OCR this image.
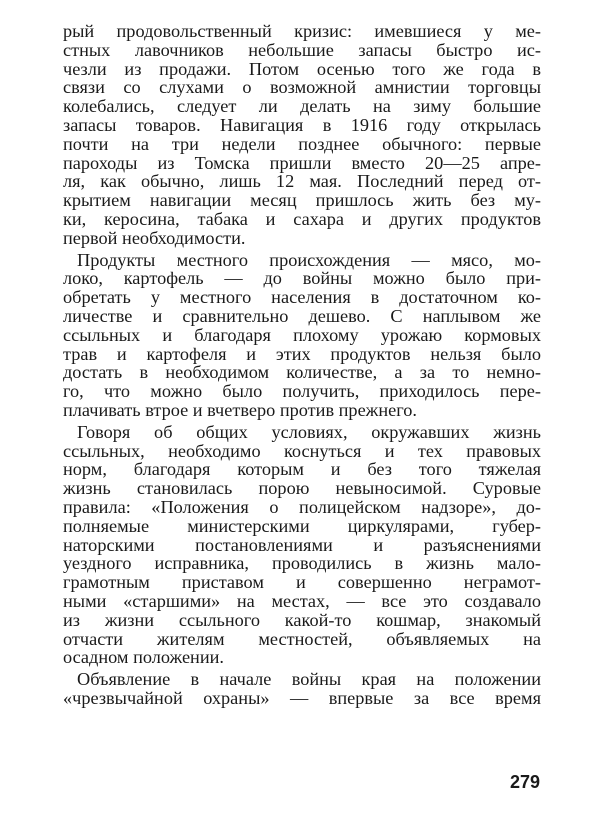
рый продовольственный кризис: имевшиеся у ме-
стных лавочников небольшие запасы быстро ис-
чезли из продажи. Потом осенью того же года в
связи со слухами о возможной амнистии торговцы
колебались, следует ли делать на зиму большие
запасы товаров. Навигация в 1916 году открылась
почти на три недели позднее обычного: первые
пароходы из Томска пришли вместо 20—25 апре-
ля, как обычно, лишь 12 мая. Последний перед от-
крытием навигации месяц пришлось жить без му-
ки, керосина, табака и сахара и других продуктов
первой необходимости.
Продукты местного происхождения — мясо, мо-
локо, картофель — до войны можно было при-
обретать у местного населения в достаточном ко-
личестве и сравнительно дешево. С наплывом же
ссыльных и благодаря плохому урожаю кормовых
трав и картофеля и этих продуктов нельзя было
достать в необходимом количестве, а за то немно-
го, что можно было получить, приходилось пере-
плачивать втрое и вчетверо против прежнего.
Говоря об общих условиях, окружавших жизнь
ссыльных, необходимо коснуться и тех правовых
норм, благодаря которым и без того тяжелая
жизнь становилась порою невыносимой. Суровые
правила: «Положения о полицейском надзоре», до-
полняемые министерскими циркулярами, губер-
наторскими постановлениями и разъяснениями
уездного исправника, проводились в жизнь мало-
грамотным приставом и совершенно неграмот-
ными «старшими» на местах, — все это создавало
из жизни ссыльного какой-то кошмар, знакомый
отчасти жителям местностей, объявляемых на
осадном положении.
Объявление в начале войны края на положении
«чрезвычайной охраны» — впервые за все время
279
